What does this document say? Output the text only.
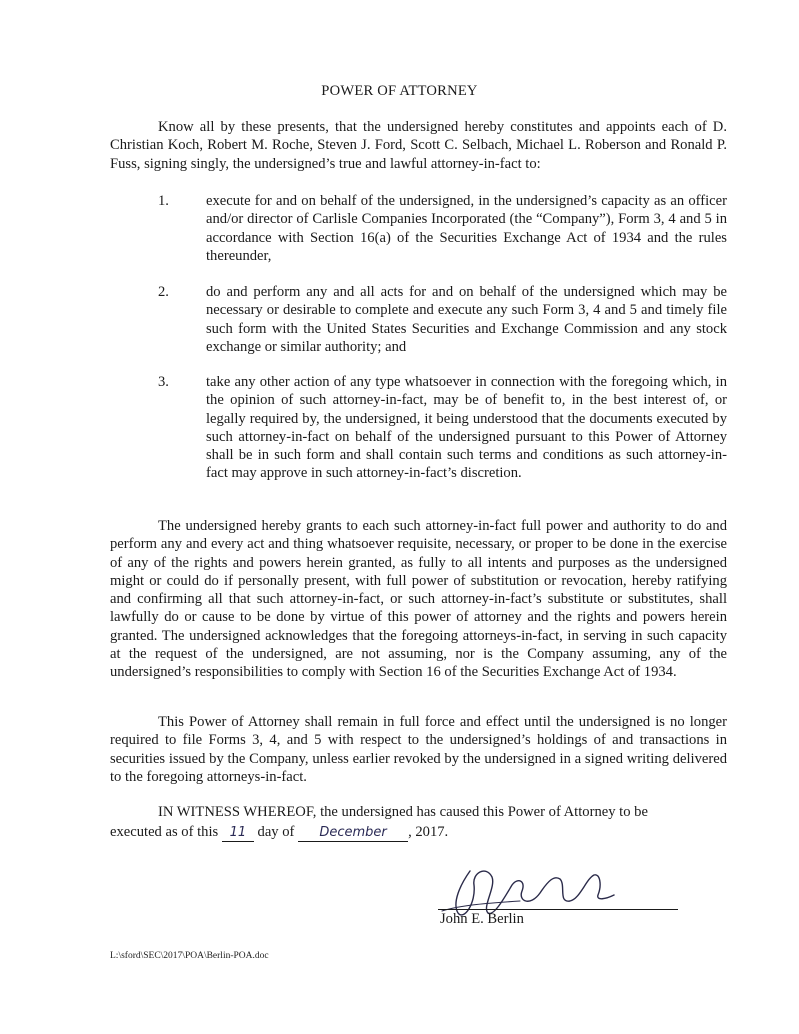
POWER OF ATTORNEY

Know all by these presents, that the undersigned hereby constitutes and appoints each of D. Christian Koch, Robert M. Roche, Steven J. Ford, Scott C. Selbach, Michael L. Roberson and Ronald P. Fuss, signing singly, the undersigned’s true and lawful attorney-in-fact to:

1.	execute for and on behalf of the undersigned, in the undersigned’s capacity as an officer and/or director of Carlisle Companies Incorporated (the “Company”), Form 3, 4 and 5 in accordance with Section 16(a) of the Securities Exchange Act of 1934 and the rules thereunder,
2.	do and perform any and all acts for and on behalf of the undersigned which may be necessary or desirable to complete and execute any such Form 3, 4 and 5 and timely file such form with the United States Securities and Exchange Commission and any stock exchange or similar authority; and
3.	take any other action of any type whatsoever in connection with the foregoing which, in the opinion of such attorney-in-fact, may be of benefit to, in the best interest of, or legally required by, the undersigned, it being understood that the documents executed by such attorney-in-fact on behalf of the undersigned pursuant to this Power of Attorney shall be in such form and shall contain such terms and conditions as such attorney-in-fact may approve in such attorney-in-fact’s discretion.

The undersigned hereby grants to each such attorney-in-fact full power and authority to do and perform any and every act and thing whatsoever requisite, necessary, or proper to be done in the exercise of any of the rights and powers herein granted, as fully to all intents and purposes as the undersigned might or could do if personally present, with full power of substitution or revocation, hereby ratifying and confirming all that such attorney-in-fact, or such attorney-in-fact’s substitute or substitutes, shall lawfully do or cause to be done by virtue of this power of attorney and the rights and powers herein granted. The undersigned acknowledges that the foregoing attorneys-in-fact, in serving in such capacity at the request of the undersigned, are not assuming, nor is the Company assuming, any of the undersigned’s responsibilities to comply with Section 16 of the Securities Exchange Act of 1934.

This Power of Attorney shall remain in full force and effect until the undersigned is no longer required to file Forms 3, 4, and 5 with respect to the undersigned’s holdings of and transactions in securities issued by the Company, unless earlier revoked by the undersigned in a signed writing delivered to the foregoing attorneys-in-fact.

IN WITNESS WHEREOF, the undersigned has caused this Power of Attorney to be
executed as of this 11 day of December , 2017.
John E. Berlin
L:\sford\SEC\2017\POA\Berlin-POA.doc
